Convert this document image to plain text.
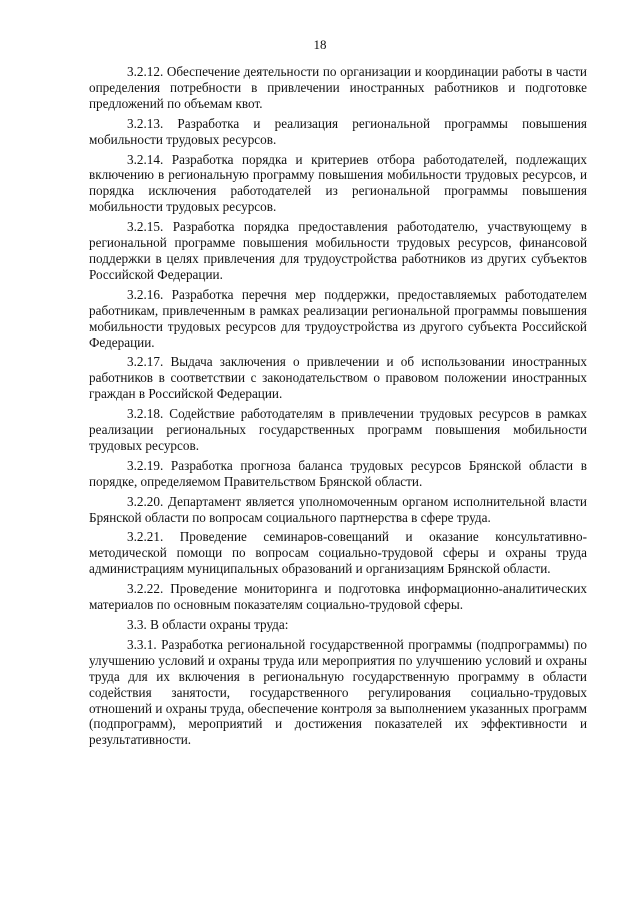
18

3.2.12. Обеспечение деятельности по организации и координации работы в части определения потребности в привлечении иностранных работников и подготовке предложений по объемам квот.

3.2.13. Разработка и реализация региональной программы повышения мобильности трудовых ресурсов.

3.2.14. Разработка порядка и критериев отбора работодателей, подлежащих включению в региональную программу повышения мобильности трудовых ресурсов, и порядка исключения работодателей из региональной программы повышения мобильности трудовых ресурсов.

3.2.15. Разработка порядка предоставления работодателю, участвующему в региональной программе повышения мобильности трудовых ресурсов, финансовой поддержки в целях привлечения для трудоустройства работников из других субъектов Российской Федерации.

3.2.16. Разработка перечня мер поддержки, предоставляемых работодателем работникам, привлеченным в рамках реализации региональной программы повышения мобильности трудовых ресурсов для трудоустройства из другого субъекта Российской Федерации.

3.2.17. Выдача заключения о привлечении и об использовании иностранных работников в соответствии с законодательством о правовом положении иностранных граждан в Российской Федерации.

3.2.18. Содействие работодателям в привлечении трудовых ресурсов в рамках реализации региональных государственных программ повышения мобильности трудовых ресурсов.

3.2.19. Разработка прогноза баланса трудовых ресурсов Брянской области в порядке, определяемом Правительством Брянской области.

3.2.20. Департамент является уполномоченным органом исполнительной власти Брянской области по вопросам социального партнерства в сфере труда.

3.2.21. Проведение семинаров-совещаний и оказание консультативно-методической помощи по вопросам социально-трудовой сферы и охраны труда администрациям муниципальных образований и организациям Брянской области.

3.2.22. Проведение мониторинга и подготовка информационно-аналитических материалов по основным показателям социально-трудовой сферы.

3.3. В области охраны труда:

3.3.1. Разработка региональной государственной программы (подпрограммы) по улучшению условий и охраны труда или мероприятия по улучшению условий и охраны труда для их включения в региональную государственную программу в области содействия занятости, государственного регулирования социально-трудовых отношений и охраны труда, обеспечение контроля за выполнением указанных программ (подпрограмм), мероприятий и достижения показателей их эффективности и результативности.
